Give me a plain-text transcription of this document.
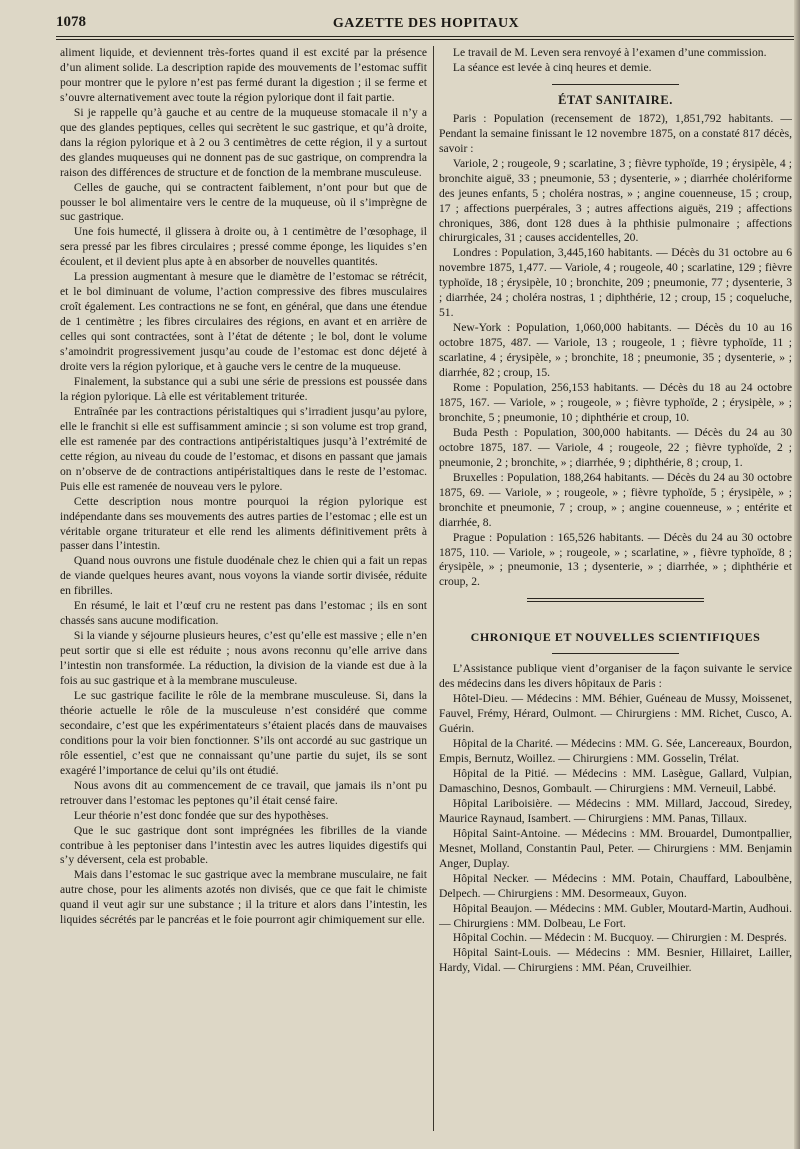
1078	GAZETTE DES HOPITAUX

aliment liquide, et deviennent très-fortes quand il est excité par la présence d’un aliment solide. La description rapide des mouvements de l’estomac suffit pour montrer que le pylore n’est pas fermé durant la digestion ; il se ferme et s’ouvre alternativement avec toute la région pylorique dont il fait partie.

Si je rappelle qu’à gauche et au centre de la muqueuse stomacale il n’y a que des glandes peptiques, celles qui secrètent le suc gastrique, et qu’à droite, dans la région pylorique et à 2 ou 3 centimètres de cette région, il y a surtout des glandes muqueuses qui ne donnent pas de suc gastrique, on comprendra la raison des différences de structure et de fonction de la membrane musculeuse.

Celles de gauche, qui se contractent faiblement, n’ont pour but que de pousser le bol alimentaire vers le centre de la muqueuse, où il s’imprègne de suc gastrique.

Une fois humecté, il glissera à droite ou, à 1 centimètre de l’œsophage, il sera pressé par les fibres circulaires ; pressé comme éponge, les liquides s’en écoulent, et il devient plus apte à en absorber de nouvelles quantités.

La pression augmentant à mesure que le diamètre de l’estomac se rétrécit, et le bol diminuant de volume, l’action compressive des fibres musculaires croît également. Les contractions ne se font, en général, que dans une étendue de 1 centimètre ; les fibres circulaires des régions, en avant et en arrière de celles qui sont contractées, sont à l’état de détente ; le bol, dont le volume s’amoindrit progressivement jusqu’au coude de l’estomac est donc déjeté à droite vers la région pylorique, et à gauche vers le centre de la muqueuse.

Finalement, la substance qui a subi une série de pressions est poussée dans la région pylorique. Là elle est véritablement triturée.

Entraînée par les contractions péristaltiques qui s’irradient jusqu’au pylore, elle le franchit si elle est suffisamment amincie ; si son volume est trop grand, elle est ramenée par des contractions antipéristaltiques jusqu’à l’extrémité de cette région, au niveau du coude de l’estomac, et disons en passant que jamais on n’observe de de contractions antipéristaltiques dans le reste de l’estomac. Puis elle est ramenée de nouveau vers le pylore.

Cette description nous montre pourquoi la région pylorique est indépendante dans ses mouvements des autres parties de l’estomac ; elle est un véritable organe triturateur et elle rend les aliments définitivement prêts à passer dans l’intestin.

Quand nous ouvrons une fistule duodénale chez le chien qui a fait un repas de viande quelques heures avant, nous voyons la viande sortir divisée, réduite en fibrilles.

En résumé, le lait et l’œuf cru ne restent pas dans l’estomac ; ils en sont chassés sans aucune modification.

Si la viande y séjourne plusieurs heures, c’est qu’elle est massive ; elle n’en peut sortir que si elle est réduite ; nous avons reconnu qu’elle arrive dans l’intestin non transformée. La réduction, la division de la viande est due à la fois au suc gastrique et à la membrane musculeuse.

Le suc gastrique facilite le rôle de la membrane musculeuse. Si, dans la théorie actuelle le rôle de la musculeuse n’est considéré que comme secondaire, c’est que les expérimentateurs s’étaient placés dans de mauvaises conditions pour la voir bien fonctionner. S’ils ont accordé au suc gastrique un rôle essentiel, c’est que ne connaissant qu’une partie du sujet, ils se sont exagéré l’importance de celui qu’ils ont étudié.

Nous avons dit au commencement de ce travail, que jamais ils n’ont pu retrouver dans l’estomac les peptones qu’il était censé faire.

Leur théorie n’est donc fondée que sur des hypothèses.

Que le suc gastrique dont sont imprégnées les fibrilles de la viande contribue à les peptoniser dans l’intestin avec les autres liquides digestifs qui s’y déversent, cela est probable.

Mais dans l’estomac le suc gastrique avec la membrane musculaire, ne fait autre chose, pour les aliments azotés non divisés, que ce que fait le chimiste quand il veut agir sur une substance ; il la triture et alors dans l’intestin, les liquides sécrétés par le pancréas et le foie pourront agir chimiquement sur elle.

Le travail de M. Leven sera renvoyé à l’examen d’une commission.

La séance est levée à cinq heures et demie.

ÉTAT SANITAIRE.

Paris : Population (recensement de 1872), 1,851,792 habitants. — Pendant la semaine finissant le 12 novembre 1875, on a constaté 817 décès, savoir :

Variole, 2 ; rougeole, 9 ; scarlatine, 3 ; fièvre typhoïde, 19 ; érysipèle, 4 ; bronchite aiguë, 33 ; pneumonie, 53 ; dysenterie, » ; diarrhée cholériforme des jeunes enfants, 5 ; choléra nostras, » ; angine couenneuse, 15 ; croup, 17 ; affections puerpérales, 3 ; autres affections aiguës, 219 ; affections chroniques, 386, dont 128 dues à la phthisie pulmonaire ; affections chirurgicales, 31 ; causes accidentelles, 20.

Londres : Population, 3,445,160 habitants. — Décès du 31 octobre au 6 novembre 1875, 1,477. — Variole, 4 ; rougeole, 40 ; scarlatine, 129 ; fièvre typhoïde, 18 ; érysipèle, 10 ; bronchite, 209 ; pneumonie, 77 ; dysenterie, 3 ; diarrhée, 24 ; choléra nostras, 1 ; diphthérie, 12 ; croup, 15 ; coqueluche, 51.

New-York : Population, 1,060,000 habitants. — Décès du 10 au 16 octobre 1875, 487. — Variole, 13 ; rougeole, 1 ; fièvre typhoïde, 11 ; scarlatine, 4 ; érysipèle, » ; bronchite, 18 ; pneumonie, 35 ; dysenterie, » ; diarrhée, 82 ; croup, 15.

Rome : Population, 256,153 habitants. — Décès du 18 au 24 octobre 1875, 167. — Variole, » ; rougeole, » ; fièvre typhoïde, 2 ; érysipèle, » ; bronchite, 5 ; pneumonie, 10 ; diphthérie et croup, 10.

Buda Pesth : Population, 300,000 habitants. — Décès du 24 au 30 octobre 1875, 187. — Variole, 4 ; rougeole, 22 ; fièvre typhoïde, 2 ; pneumonie, 2 ; bronchite, » ; diarrhée, 9 ; diphthérie, 8 ; croup, 1.

Bruxelles : Population, 188,264 habitants. — Décès du 24 au 30 octobre 1875, 69. — Variole, » ; rougeole, » ; fièvre typhoïde, 5 ; érysipèle, » ; bronchite et pneumonie, 7 ; croup, » ; angine couenneuse, » ; entérite et diarrhée, 8.

Prague : Population : 165,526 habitants. — Décès du 24 au 30 octobre 1875, 110. — Variole, » ; rougeole, » ; scarlatine, » , fièvre typhoïde, 8 ; érysipèle, » ; pneumonie, 13 ; dysenterie, » ; diarrhée, » ; diphthérie et croup, 2.

CHRONIQUE ET NOUVELLES SCIENTIFIQUES

L’Assistance publique vient d’organiser de la façon suivante le service des médecins dans les divers hôpitaux de Paris :

Hôtel-Dieu. — Médecins : MM. Béhier, Guéneau de Mussy, Moissenet, Fauvel, Frémy, Hérard, Oulmont. — Chirurgiens : MM. Richet, Cusco, A. Guérin.

Hôpital de la Charité. — Médecins : MM. G. Sée, Lancereaux, Bourdon, Empis, Bernutz, Woillez. — Chirurgiens : MM. Gosselin, Trélat.

Hôpital de la Pitié. — Médecins : MM. Lasègue, Gallard, Vulpian, Damaschino, Desnos, Gombault. — Chirurgiens : MM. Verneuil, Labbé.

Hôpital Lariboisière. — Médecins : MM. Millard, Jaccoud, Siredey, Maurice Raynaud, Isambert. — Chirurgiens : MM. Panas, Tillaux.

Hôpital Saint-Antoine. — Médecins : MM. Brouardel, Dumontpallier, Mesnet, Molland, Constantin Paul, Peter. — Chirurgiens : MM. Benjamin Anger, Duplay.

Hôpital Necker. — Médecins : MM. Potain, Chauffard, Laboulbène, Delpech. — Chirurgiens : MM. Desormeaux, Guyon.

Hôpital Beaujon. — Médecins : MM. Gubler, Moutard-Martin, Audhoui. — Chirurgiens : MM. Dolbeau, Le Fort.

Hôpital Cochin. — Médecin : M. Bucquoy. — Chirurgien : M. Després.

Hôpital Saint-Louis. — Médecins : MM. Besnier, Hillairet, Lailler, Hardy, Vidal. — Chirurgiens : MM. Péan, Cruveilhier.
